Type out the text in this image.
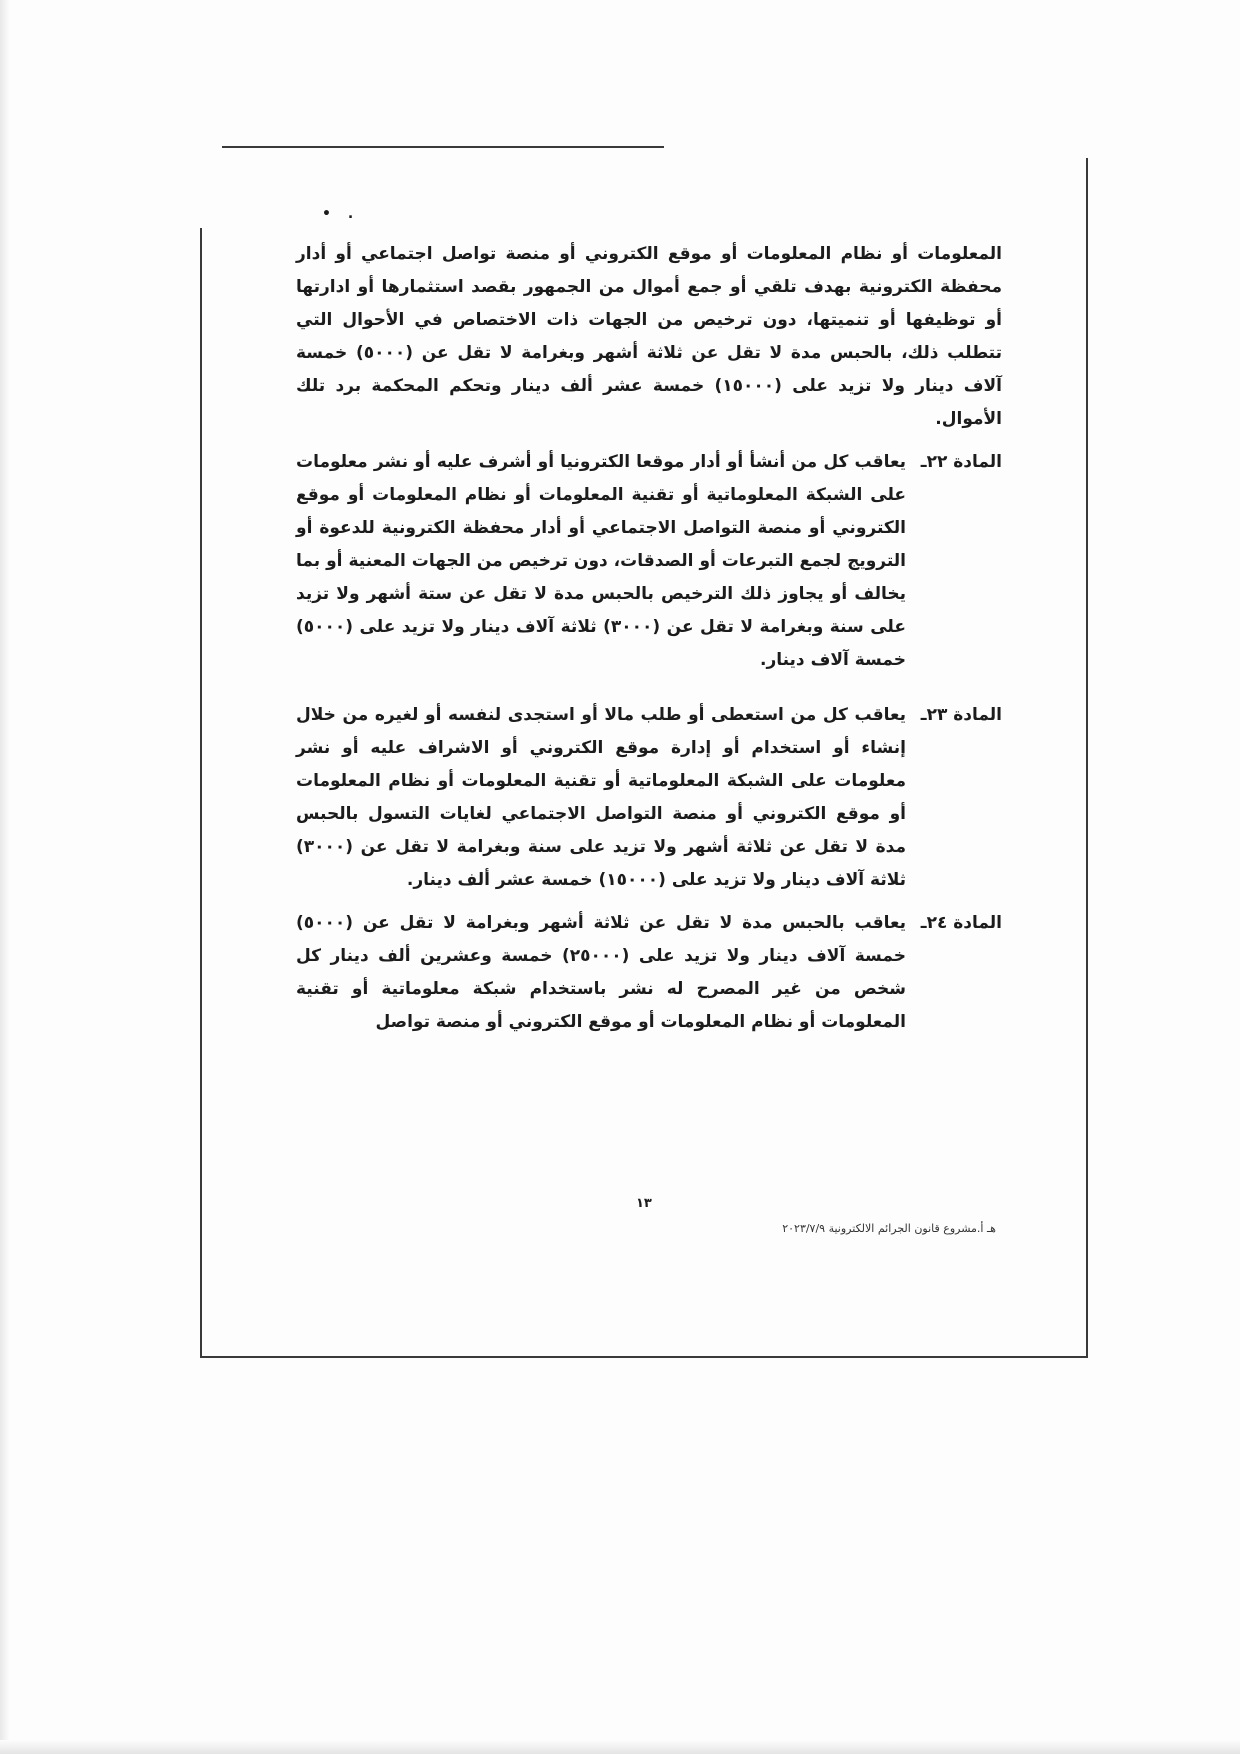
• .

المعلومات أو نظام المعلومات أو موقع الكتروني أو منصة تواصل اجتماعي أو أدار محفظة الكترونية بهدف تلقي أو جمع أموال من الجمهور بقصد استثمارها أو ادارتها أو توظيفها أو تنميتها، دون ترخيص من الجهات ذات الاختصاص في الأحوال التي تتطلب ذلك، بالحبس مدة لا تقل عن ثلاثة أشهر وبغرامة لا تقل عن (٥٠٠٠) خمسة آلاف دينار ولا تزيد على (١٥٠٠٠) خمسة عشر ألف دينار وتحكم المحكمة برد تلك الأموال.

المادة ٢٢ـ
يعاقب كل من أنشأ أو أدار موقعا الكترونيا أو أشرف عليه أو نشر معلومات على الشبكة المعلوماتية أو تقنية المعلومات أو نظام المعلومات أو موقع الكتروني أو منصة التواصل الاجتماعي أو أدار محفظة الكترونية للدعوة أو الترويج لجمع التبرعات أو الصدقات، دون ترخيص من الجهات المعنية أو بما يخالف أو يجاوز ذلك الترخيص بالحبس مدة لا تقل عن ستة أشهر ولا تزيد على سنة وبغرامة لا تقل عن (٣٠٠٠) ثلاثة آلاف دينار ولا تزيد على (٥٠٠٠) خمسة آلاف دينار.
المادة ٢٣ـ
يعاقب كل من استعطى أو طلب مالا أو استجدى لنفسه أو لغيره من خلال إنشاء أو استخدام أو إدارة موقع الكتروني أو الاشراف عليه أو نشر معلومات على الشبكة المعلوماتية أو تقنية المعلومات أو نظام المعلومات أو موقع الكتروني أو منصة التواصل الاجتماعي لغايات التسول بالحبس مدة لا تقل عن ثلاثة أشهر ولا تزيد على سنة وبغرامة لا تقل عن (٣٠٠٠) ثلاثة آلاف دينار ولا تزيد على (١٥٠٠٠) خمسة عشر ألف دينار.
المادة ٢٤ـ
يعاقب بالحبس مدة لا تقل عن ثلاثة أشهر وبغرامة لا تقل عن (٥٠٠٠) خمسة آلاف دينار ولا تزيد على (٢٥٠٠٠) خمسة وعشرين ألف دينار كل شخص من غير المصرح له نشر باستخدام شبكة معلوماتية أو تقنية المعلومات أو نظام المعلومات أو موقع الكتروني أو منصة تواصل
١٣
هـ أ.مشروع قانون الجرائم الالكترونية ٢٠٢٣/٧/٩
